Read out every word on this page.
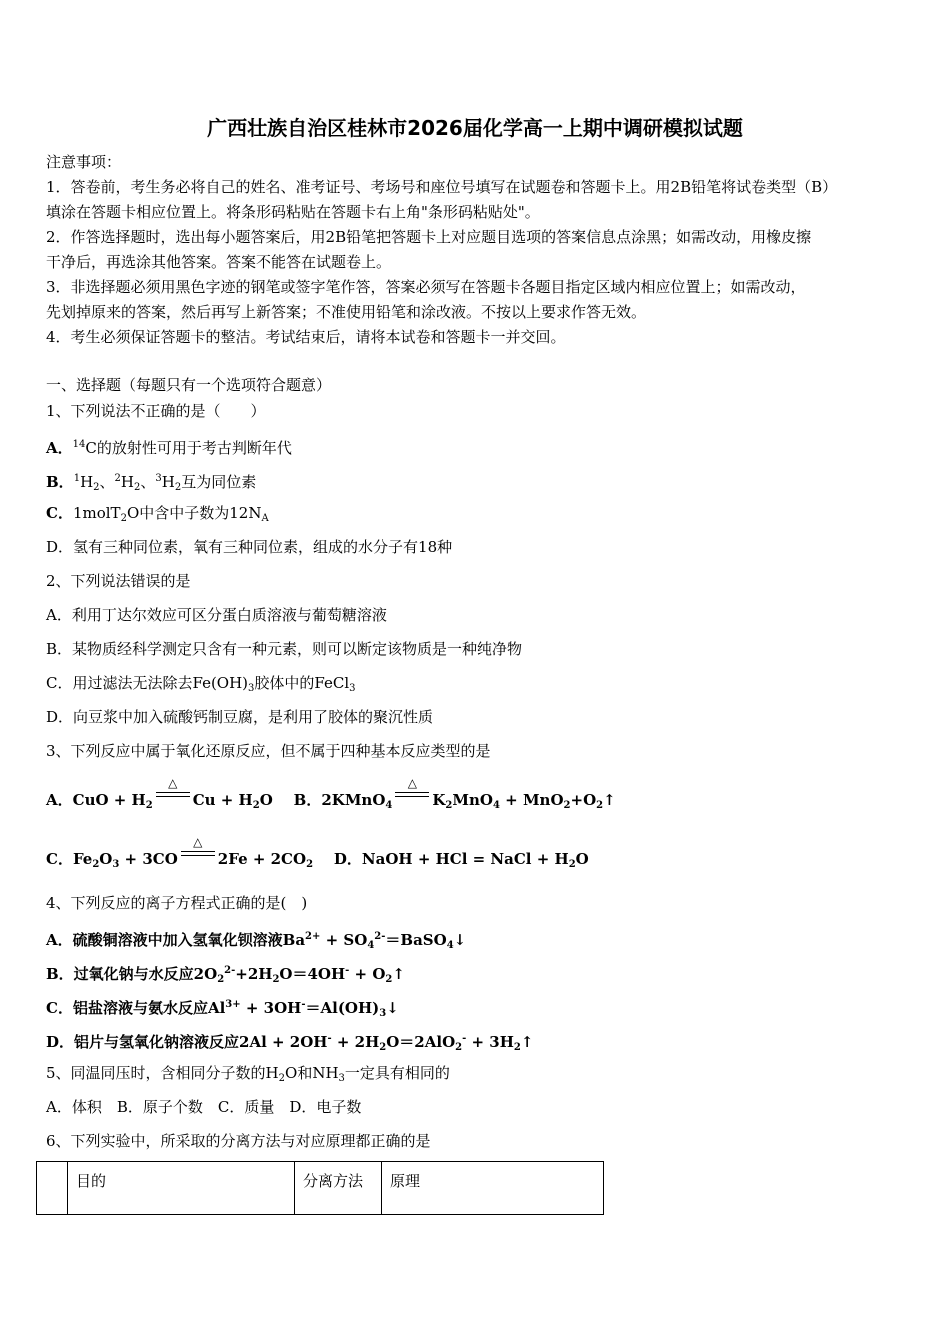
广西壮族自治区桂林市2026届化学高一上期中调研模拟试题
注意事项：
1．答卷前，考生务必将自己的姓名、准考证号、考场号和座位号填写在试题卷和答题卡上。用2B铅笔将试卷类型（B）
填涂在答题卡相应位置上。将条形码粘贴在答题卡右上角"条形码粘贴处"。
2．作答选择题时，选出每小题答案后，用2B铅笔把答题卡上对应题目选项的答案信息点涂黑；如需改动，用橡皮擦
干净后，再选涂其他答案。答案不能答在试题卷上。
3．非选择题必须用黑色字迹的钢笔或签字笔作答，答案必须写在答题卡各题目指定区域内相应位置上；如需改动，
先划掉原来的答案，然后再写上新答案；不准使用铅笔和涂改液。不按以上要求作答无效。
4．考生必须保证答题卡的整洁。考试结束后，请将本试卷和答题卡一并交回。
一、选择题（每题只有一个选项符合题意）
1、下列说法不正确的是（　　）
A．$^{14}$C的放射性可用于考古判断年代
B．$^1H_2$、$^2H_2$、$^3H_2$互为同位素
C．1molT$_2$O中含中子数为$12N_A$
D．氢有三种同位素，氧有三种同位素，组成的水分子有18种
2、下列说法错误的是
A．利用丁达尔效应可区分蛋白质溶液与葡萄糖溶液
B．某物质经科学测定只含有一种元素，则可以断定该物质是一种纯净物
C．用过滤法无法除去$Fe(OH)_3$胶体中的FeCl$_3$
D．向豆浆中加入硫酸钙制豆腐，是利用了胶体的聚沉性质
3、下列反应中属于氧化还原反应，但不属于四种基本反应类型的是
A．CuO + $H_2$
△
$Cu + H_2O$ B．2KMnO$_4$
△
$K_2MnO_4$ + $MnO_2+O_2↑$
C．$Fe_2O_3 + 3CO$
△
$2Fe + 2CO_2$ D．NaOH + HCl = NaCl + $H_2O$
4、下列反应的离子方程式正确的是(　)
A．硫酸铜溶液中加入氢氧化钡溶液$Ba^{2+}$ + $SO_4^{2-}=BaSO_4↓$
B．过氧化钠与水反应$2O_2^{2-}+2H_2O=4OH^-$ + $O_2↑$
C．铝盐溶液与氨水反应$Al^{3+}$ + $3OH^-=Al(OH)_3↓$
D．铝片与氢氧化钠溶液反应$2Al + 2OH^- + 2H_2O=2AlO_2^-$ + $3H_2↑$
5、同温同压时，含相同分子数的$H_2O$和$NH_3$一定具有相同的
A．体积　B．原子个数　C．质量　D．电子数
6、下列实验中，所采取的分离方法与对应原理都正确的是
	目的	分离方法	原理
